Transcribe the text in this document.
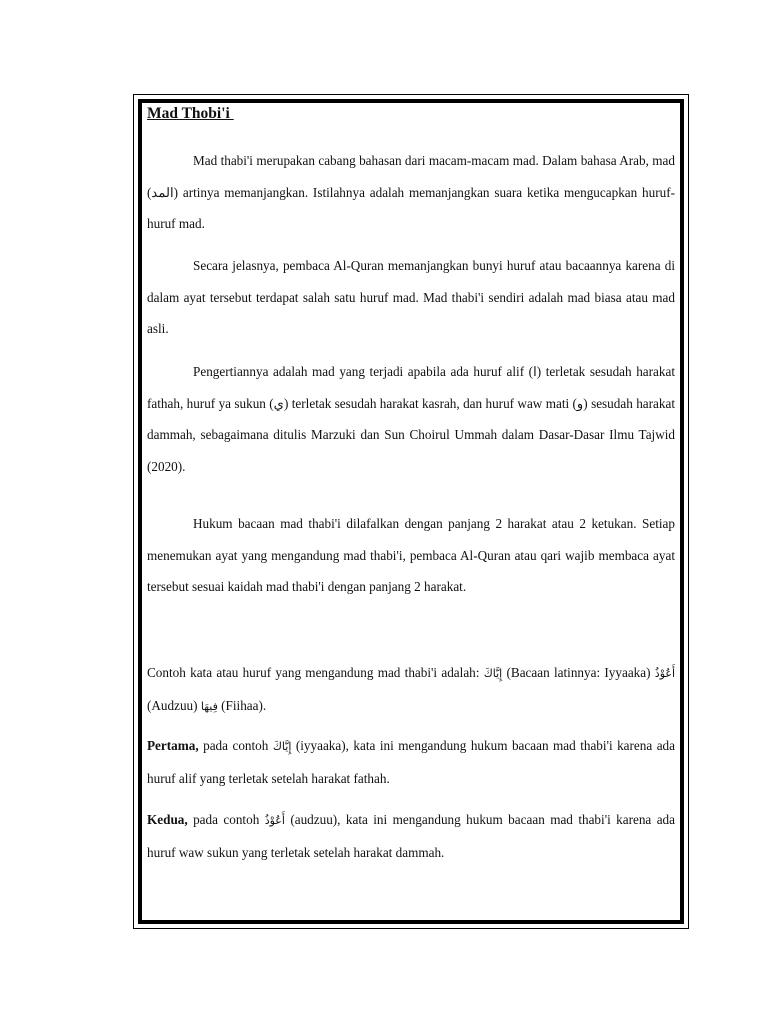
Mad Thobi'i

Mad thabi'i merupakan cabang bahasan dari macam-macam mad. Dalam bahasa Arab, mad (المد) artinya memanjangkan. Istilahnya adalah memanjangkan suara ketika mengucapkan huruf-huruf mad.

Secara jelasnya, pembaca Al-Quran memanjangkan bunyi huruf atau bacaannya karena di dalam ayat tersebut terdapat salah satu huruf mad. Mad thabi'i sendiri adalah mad biasa atau mad asli.

Pengertiannya adalah mad yang terjadi apabila ada huruf alif (ا) terletak sesudah harakat fathah, huruf ya sukun (ي) terletak sesudah harakat kasrah, dan huruf waw mati (و) sesudah harakat dammah, sebagaimana ditulis Marzuki dan Sun Choirul Ummah dalam Dasar-Dasar Ilmu Tajwid (2020).

Hukum bacaan mad thabi'i dilafalkan dengan panjang 2 harakat atau 2 ketukan. Setiap menemukan ayat yang mengandung mad thabi'i, pembaca Al-Quran atau qari wajib membaca ayat tersebut sesuai kaidah mad thabi'i dengan panjang 2 harakat.

Contoh kata atau huruf yang mengandung mad thabi'i adalah: إِيَّاكَ (Bacaan latinnya: Iyyaaka) أَعُوْذُ (Audzuu) فِيهَا (Fiihaa).

Pertama, pada contoh إِيَّاكَ (iyyaaka), kata ini mengandung hukum bacaan mad thabi'i karena ada huruf alif yang terletak setelah harakat fathah.

Kedua, pada contoh أَعُوْذُ (audzuu), kata ini mengandung hukum bacaan mad thabi'i karena ada huruf waw sukun yang terletak setelah harakat dammah.
